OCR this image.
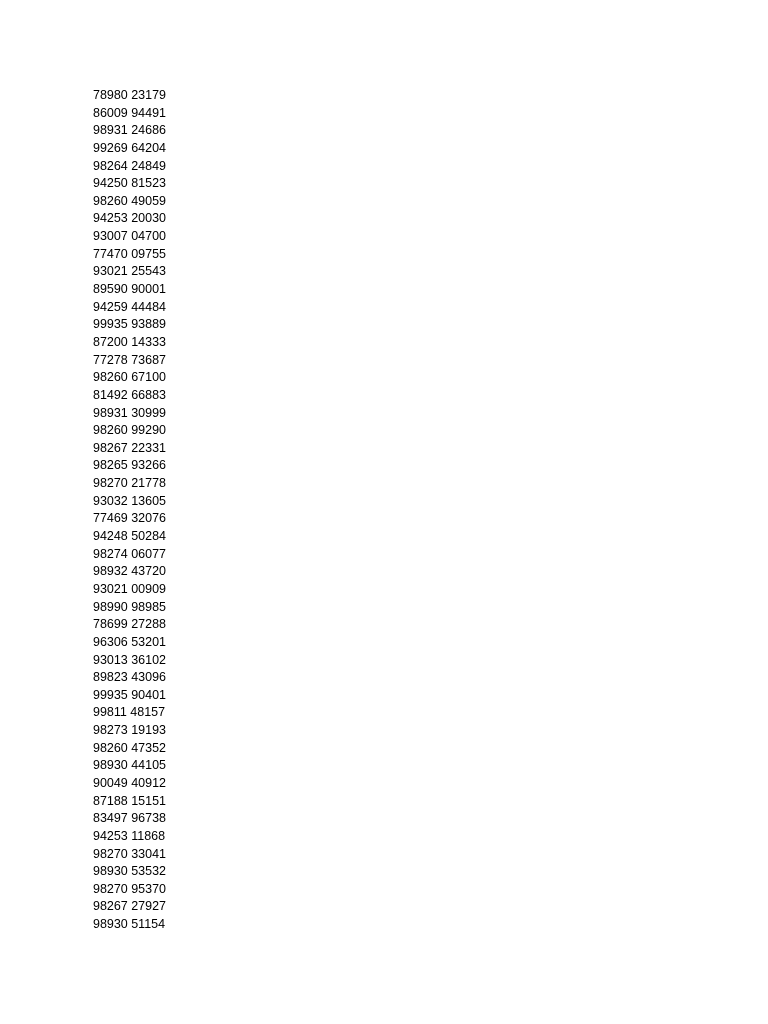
78980 23179
86009 94491
98931 24686
99269 64204
98264 24849
94250 81523
98260 49059
94253 20030
93007 04700
77470 09755
93021 25543
89590 90001
94259 44484
99935 93889
87200 14333
77278 73687
98260 67100
81492 66883
98931 30999
98260 99290
98267 22331
98265 93266
98270 21778
93032 13605
77469 32076
94248 50284
98274 06077
98932 43720
93021 00909
98990 98985
78699 27288
96306 53201
93013 36102
89823 43096
99935 90401
99811 48157
98273 19193
98260 47352
98930 44105
90049 40912
87188 15151
83497 96738
94253 11868
98270 33041
98930 53532
98270 95370
98267 27927
98930 51154
